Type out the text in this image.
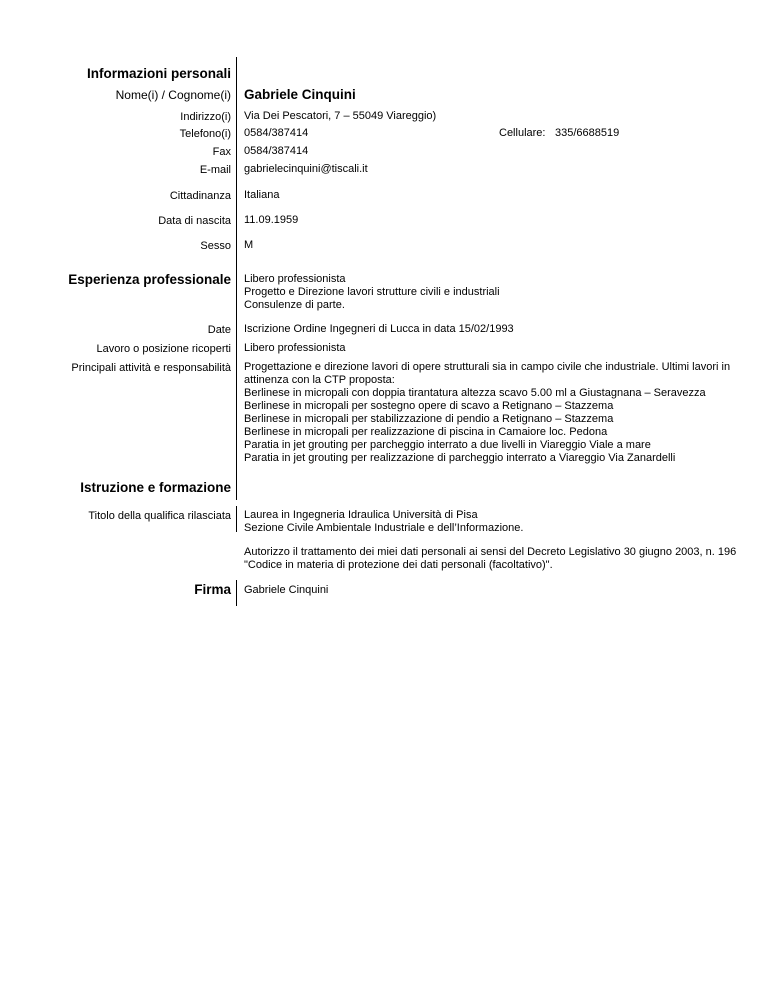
Informazioni personali
Nome(i) / Cognome(i) Gabriele Cinquini
Indirizzo(i) Via Dei Pescatori, 7 – 55049 Viareggio)
Telefono(i) 0584/387414	Cellulare: 335/6688519
Fax 0584/387414
E-mail gabrielecinquini@tiscali.it
Cittadinanza Italiana
Data di nascita 11.09.1959
Sesso M
Esperienza professionale Libero professionista
Progetto e Direzione lavori strutture civili e industriali
Consulenze di parte.
Date Iscrizione Ordine Ingegneri di Lucca in data 15/02/1993
Lavoro o posizione ricoperti Libero professionista
Principali attività e responsabilità Progettazione e direzione lavori di opere strutturali sia in campo civile che industriale. Ultimi lavori in
attinenza con la CTP proposta:
Berlinese in micropali con doppia tirantatura altezza scavo 5.00 ml a Giustagnana – Seravezza
Berlinese in micropali per sostegno opere di scavo a Retignano – Stazzema
Berlinese in micropali per stabilizzazione di pendio a Retignano – Stazzema
Berlinese in micropali per realizzazione di piscina in Camaiore loc. Pedona
Paratia in jet grouting per parcheggio interrato a due livelli in Viareggio Viale a mare
Paratia in jet grouting per realizzazione di parcheggio interrato a Viareggio Via Zanardelli
Istruzione e formazione
Titolo della qualifica rilasciata Laurea in Ingegneria Idraulica Università di Pisa
Sezione Civile Ambientale Industriale e dell’Informazione.
Autorizzo il trattamento dei miei dati personali ai sensi del Decreto Legislativo 30 giugno 2003, n. 196
"Codice in materia di protezione dei dati personali (facoltativo)".
Firma Gabriele Cinquini
